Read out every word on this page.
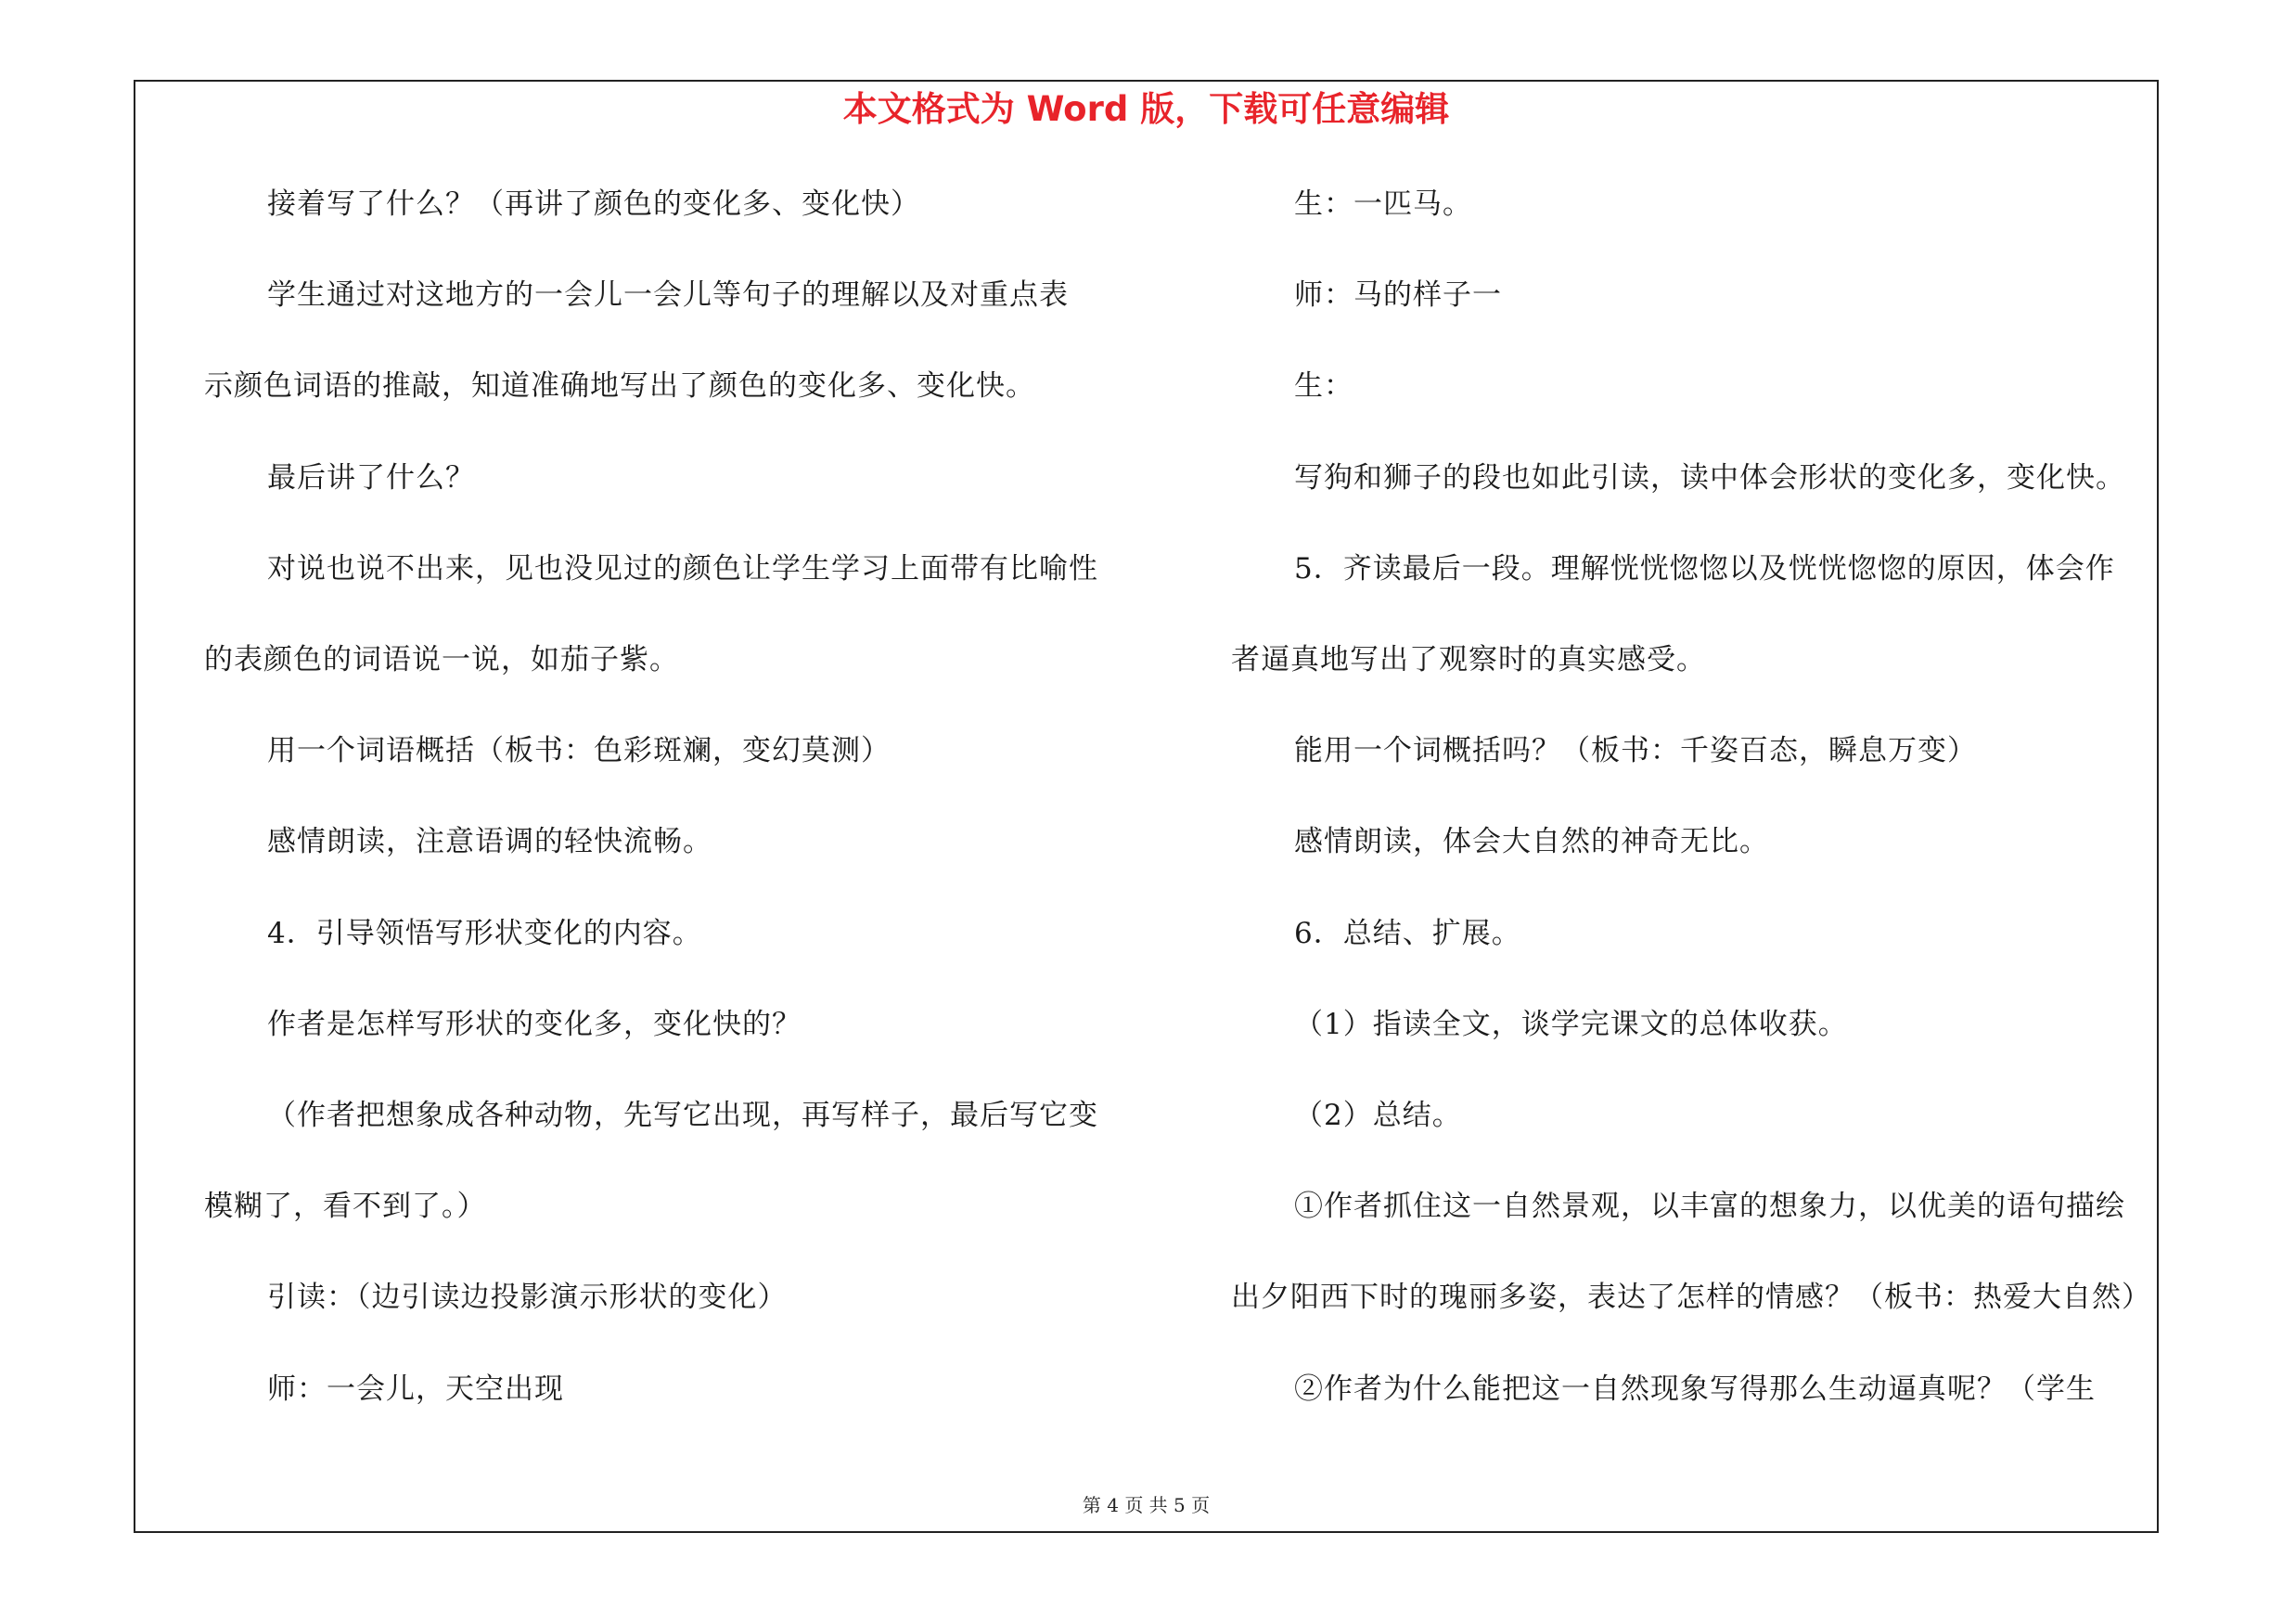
本文格式为 Word 版，下载可任意编辑
接着写了什么？（再讲了颜色的变化多、变化快）
学生通过对这地方的一会儿一会儿等句子的理解以及对重点表
示颜色词语的推敲，知道准确地写出了颜色的变化多、变化快。
最后讲了什么？
对说也说不出来，见也没见过的颜色让学生学习上面带有比喻性
的表颜色的词语说一说，如茄子紫。
用一个词语概括（板书：色彩斑斓，变幻莫测）
感情朗读，注意语调的轻快流畅。
4．引导领悟写形状变化的内容。
作者是怎样写形状的变化多，变化快的？
（作者把想象成各种动物，先写它出现，再写样子，最后写它变
模糊了，看不到了。）
引读：（边引读边投影演示形状的变化）
师：一会儿，天空出现
生：一匹马。
师：马的样子一
生：
写狗和狮子的段也如此引读，读中体会形状的变化多，变化快。
5．齐读最后一段。理解恍恍惚惚以及恍恍惚惚的原因，体会作
者逼真地写出了观察时的真实感受。
能用一个词概括吗？（板书：千姿百态，瞬息万变）
感情朗读，体会大自然的神奇无比。
6．总结、扩展。
（1）指读全文，谈学完课文的总体收获。
（2）总结。
①作者抓住这一自然景观，以丰富的想象力，以优美的语句描绘
出夕阳西下时的瑰丽多姿，表达了怎样的情感？（板书：热爱大自然）
②作者为什么能把这一自然现象写得那么生动逼真呢？（学生
第 4 页 共 5 页
